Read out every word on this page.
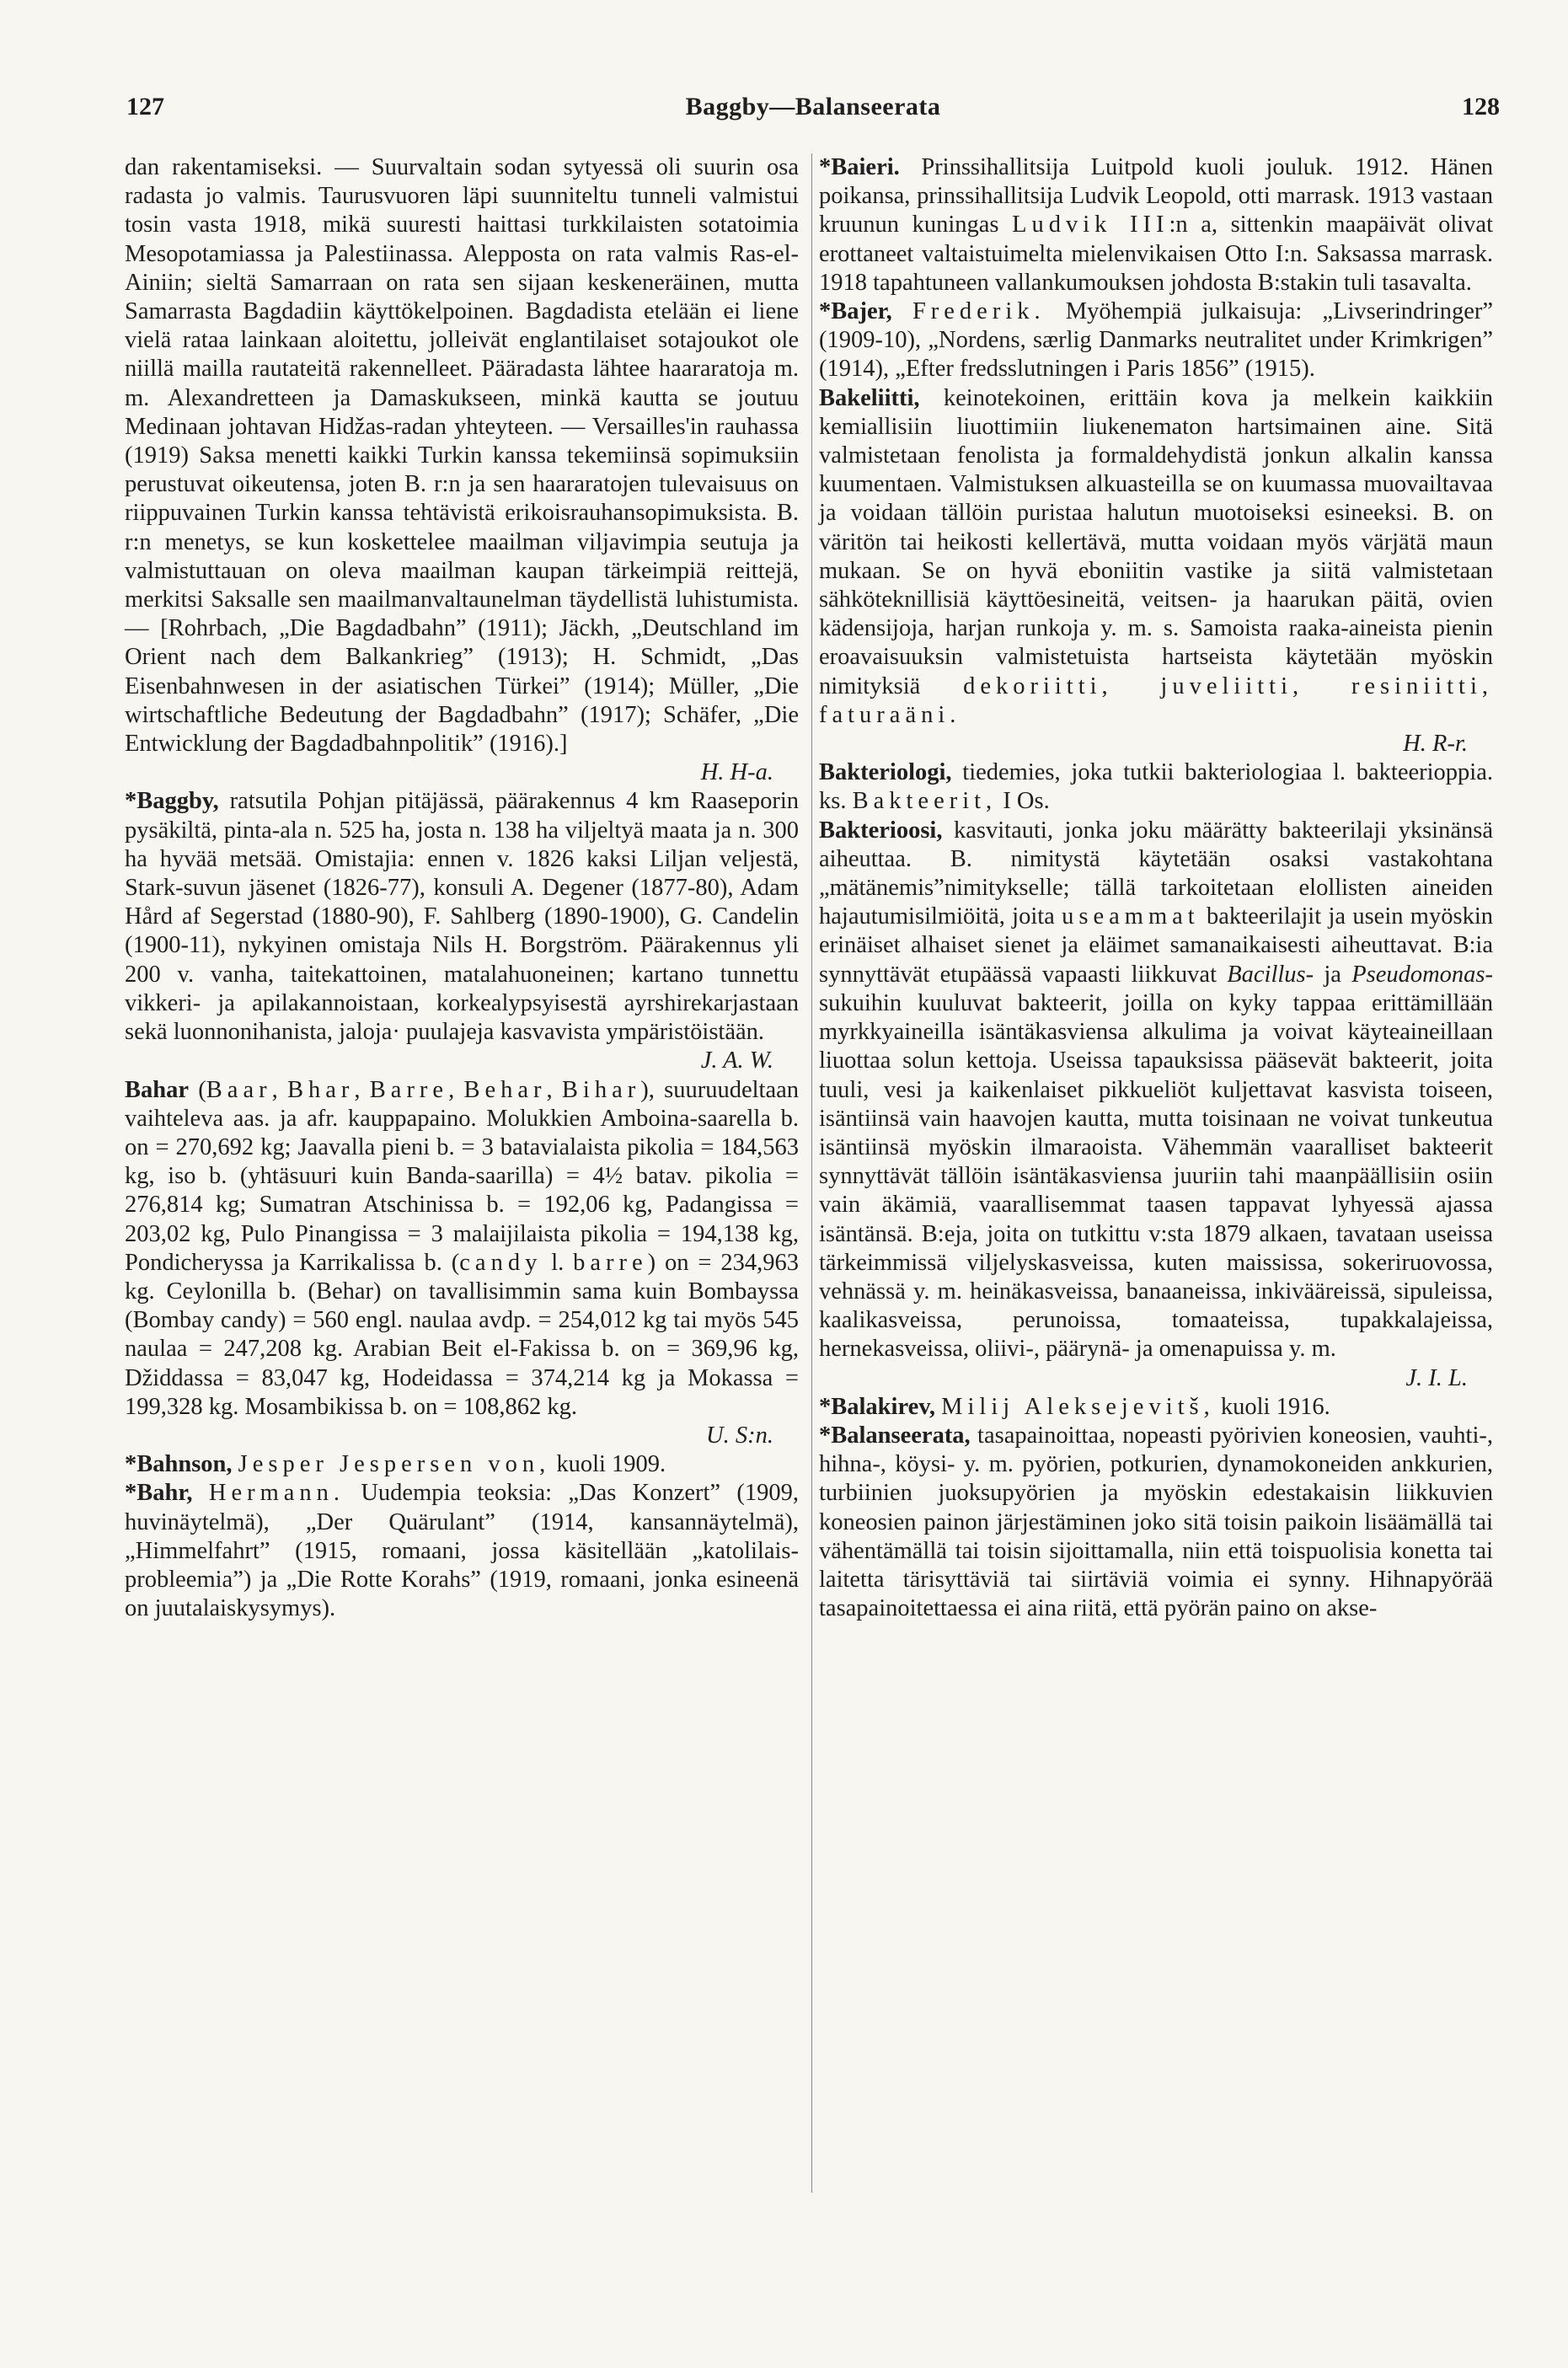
127	Baggby—Balanseerata	128

dan rakentamiseksi. — Suurvaltain sodan sytyessä oli suurin osa radasta jo valmis. Taurusvuoren läpi suunniteltu tunneli valmistui tosin vasta 1918, mikä suuresti haittasi turkkilaisten sotatoimia Mesopotamiassa ja Palestiinassa. Alepposta on rata valmis Ras-el-Ainiin; sieltä Samarraan on rata sen sijaan keskeneräinen, mutta Samarrasta Bagdadiin käyttökelpoinen. Bagdadista etelään ei liene vielä rataa lainkaan aloitettu, jolleivät englantilaiset sotajoukot ole niillä mailla rautateitä rakennelleet. Pääradasta lähtee haararatoja m. m. Alexandretteen ja Damaskukseen, minkä kautta se joutuu Medinaan johtavan Hidžas-radan yhteyteen. — Versailles'in rauhassa (1919) Saksa menetti kaikki Turkin kanssa tekemiinsä sopimuksiin perustuvat oikeutensa, joten B. r:n ja sen haararatojen tulevaisuus on riippuvainen Turkin kanssa tehtävistä erikoisrauhansopimuksista. B. r:n menetys, se kun koskettelee maailman viljavimpia seutuja ja valmistuttauan on oleva maailman kaupan tärkeimpiä reittejä, merkitsi Saksalle sen maailmanvaltaunelman täydellistä luhistumista. — [Rohrbach, „Die Bagdadbahn” (1911); Jäckh, „Deutschland im Orient nach dem Balkankrieg” (1913); H. Schmidt, „Das Eisenbahnwesen in der asiatischen Türkei” (1914); Müller, „Die wirtschaftliche Bedeutung der Bagdadbahn” (1917); Schäfer, „Die Entwicklung der Bagdadbahnpolitik” (1916).]
H. H-a.

*Baggby, ratsutila Pohjan pitäjässä, päärakennus 4 km Raaseporin pysäkiltä, pinta-ala n. 525 ha, josta n. 138 ha viljeltyä maata ja n. 300 ha hyvää metsää. Omistajia: ennen v. 1826 kaksi Liljan veljestä, Stark-suvun jäsenet (1826-77), konsuli A. Degener (1877-80), Adam Hård af Segerstad (1880-90), F. Sahlberg (1890-1900), G. Candelin (1900-11), nykyinen omistaja Nils H. Borgström. Päärakennus yli 200 v. vanha, taitekattoinen, matalahuoneinen; kartano tunnettu vikkeri- ja apilakannoistaan, korkealypsyisestä ayrshirekarjastaan sekä luonnonihanista, jaloja· puulajeja kasvavista ympäristöistään.
J. A. W.

Bahar (Baar, Bhar, Barre, Behar, Bihar), suuruudeltaan vaihteleva aas. ja afr. kauppapaino. Molukkien Amboina-saarella b. on = 270,692 kg; Jaavalla pieni b. = 3 batavialaista pikolia = 184,563 kg, iso b. (yhtäsuuri kuin Banda-saarilla) = 4½ batav. pikolia = 276,814 kg; Sumatran Atschinissa b. = 192,06 kg, Padangissa = 203,02 kg, Pulo Pinangissa = 3 malaijilaista pikolia = 194,138 kg, Pondicheryssa ja Karrikalissa b. (candy l. barre) on = 234,963 kg. Ceylonilla b. (Behar) on tavallisimmin sama kuin Bombayssa (Bombay candy) = 560 engl. naulaa avdp. = 254,012 kg tai myös 545 naulaa = 247,208 kg. Arabian Beit el-Fakissa b. on = 369,96 kg, Džiddassa = 83,047 kg, Hodeidassa = 374,214 kg ja Mokassa = 199,328 kg. Mosambikissa b. on = 108,862 kg.
U. S:n.

*Bahnson, Jesper Jespersen von, kuoli 1909.

*Bahr, Hermann. Uudempia teoksia: „Das Konzert” (1909, huvinäytelmä), „Der Quärulant” (1914, kansannäytelmä), „Himmelfahrt” (1915, romaani, jossa käsitellään „katolilais-probleemia”) ja „Die Rotte Korahs” (1919, romaani, jonka esineenä on juutalaiskysymys).

*Baieri. Prinssihallitsija Luitpold kuoli jouluk. 1912. Hänen poikansa, prinssihallitsija Ludvik Leopold, otti marrask. 1913 vastaan kruunun kuningas Ludvik III:n a, sittenkin maapäivät olivat erottaneet valtaistuimelta mielenvikaisen Otto I:n. Saksassa marrask. 1918 tapahtuneen vallankumouksen johdosta B:stakin tuli tasavalta.

*Bajer, Frederik. Myöhempiä julkaisuja: „Livserindringer” (1909-10), „Nordens, særlig Danmarks neutralitet under Krimkrigen” (1914), „Efter fredsslutningen i Paris 1856” (1915).

Bakeliitti, keinotekoinen, erittäin kova ja melkein kaikkiin kemiallisiin liuottimiin liukenematon hartsimainen aine. Sitä valmistetaan fenolista ja formaldehydistä jonkun alkalin kanssa kuumentaen. Valmistuksen alkuasteilla se on kuumassa muovailtavaa ja voidaan tällöin puristaa halutun muotoiseksi esineeksi. B. on väritön tai heikosti kellertävä, mutta voidaan myös värjätä maun mukaan. Se on hyvä eboniitin vastike ja siitä valmistetaan sähköteknillisiä käyttöesineitä, veitsen- ja haarukan päitä, ovien kädensijoja, harjan runkoja y. m. s. Samoista raaka-aineista pienin eroavaisuuksin valmistetuista hartseista käytetään myöskin nimityksiä dekoriitti, juveliitti, resiniitti, faturaäni.
H. R-r.

Bakteriologi, tiedemies, joka tutkii bakteriologiaa l. bakteerioppia. ks. Bakteerit, I Os.

Bakterioosi, kasvitauti, jonka joku määrätty bakteerilaji yksinänsä aiheuttaa. B. nimitystä käytetään osaksi vastakohtana „mätänemis”nimitykselle; tällä tarkoitetaan elollisten aineiden hajautumisilmiöitä, joita useammat bakteerilajit ja usein myöskin erinäiset alhaiset sienet ja eläimet samanaikaisesti aiheuttavat. B:ia synnyttävät etupäässä vapaasti liikkuvat Bacillus- ja Pseudomonas-sukuihin kuuluvat bakteerit, joilla on kyky tappaa erittämillään myrkkyaineilla isäntäkasviensa alkulima ja voivat käyteaineillaan liuottaa solun kettoja. Useissa tapauksissa pääsevät bakteerit, joita tuuli, vesi ja kaikenlaiset pikkueliöt kuljettavat kasvista toiseen, isäntiinsä vain haavojen kautta, mutta toisinaan ne voivat tunkeutua isäntiinsä myöskin ilmaraoista. Vähemmän vaaralliset bakteerit synnyttävät tällöin isäntäkasviensa juuriin tahi maanpäällisiin osiin vain äkämiä, vaarallisemmat taasen tappavat lyhyessä ajassa isäntänsä. B:eja, joita on tutkittu v:sta 1879 alkaen, tavataan useissa tärkeimmissä viljelyskasveissa, kuten maississa, sokeriruovossa, vehnässä y. m. heinäkasveissa, banaaneissa, inkivääreissä, sipuleissa, kaalikasveissa, perunoissa, tomaateissa, tupakkalajeissa, hernekasveissa, oliivi-, päärynä- ja omenapuissa y. m.
J. I. L.

*Balakirev, Milij Aleksejevitš, kuoli 1916.

*Balanseerata, tasapainoittaa, nopeasti pyörivien koneosien, vauhti-, hihna-, köysi- y. m. pyörien, potkurien, dynamokoneiden ankkurien, turbiinien juoksupyörien ja myöskin edestakaisin liikkuvien koneosien painon järjestäminen joko sitä toisin paikoin lisäämällä tai vähentämällä tai toisin sijoittamalla, niin että toispuolisia konetta tai laitetta tärisyttäviä tai siirtäviä voimia ei synny. Hihnapyörää tasapainoitettaessa ei aina riitä, että pyörän paino on akse-
